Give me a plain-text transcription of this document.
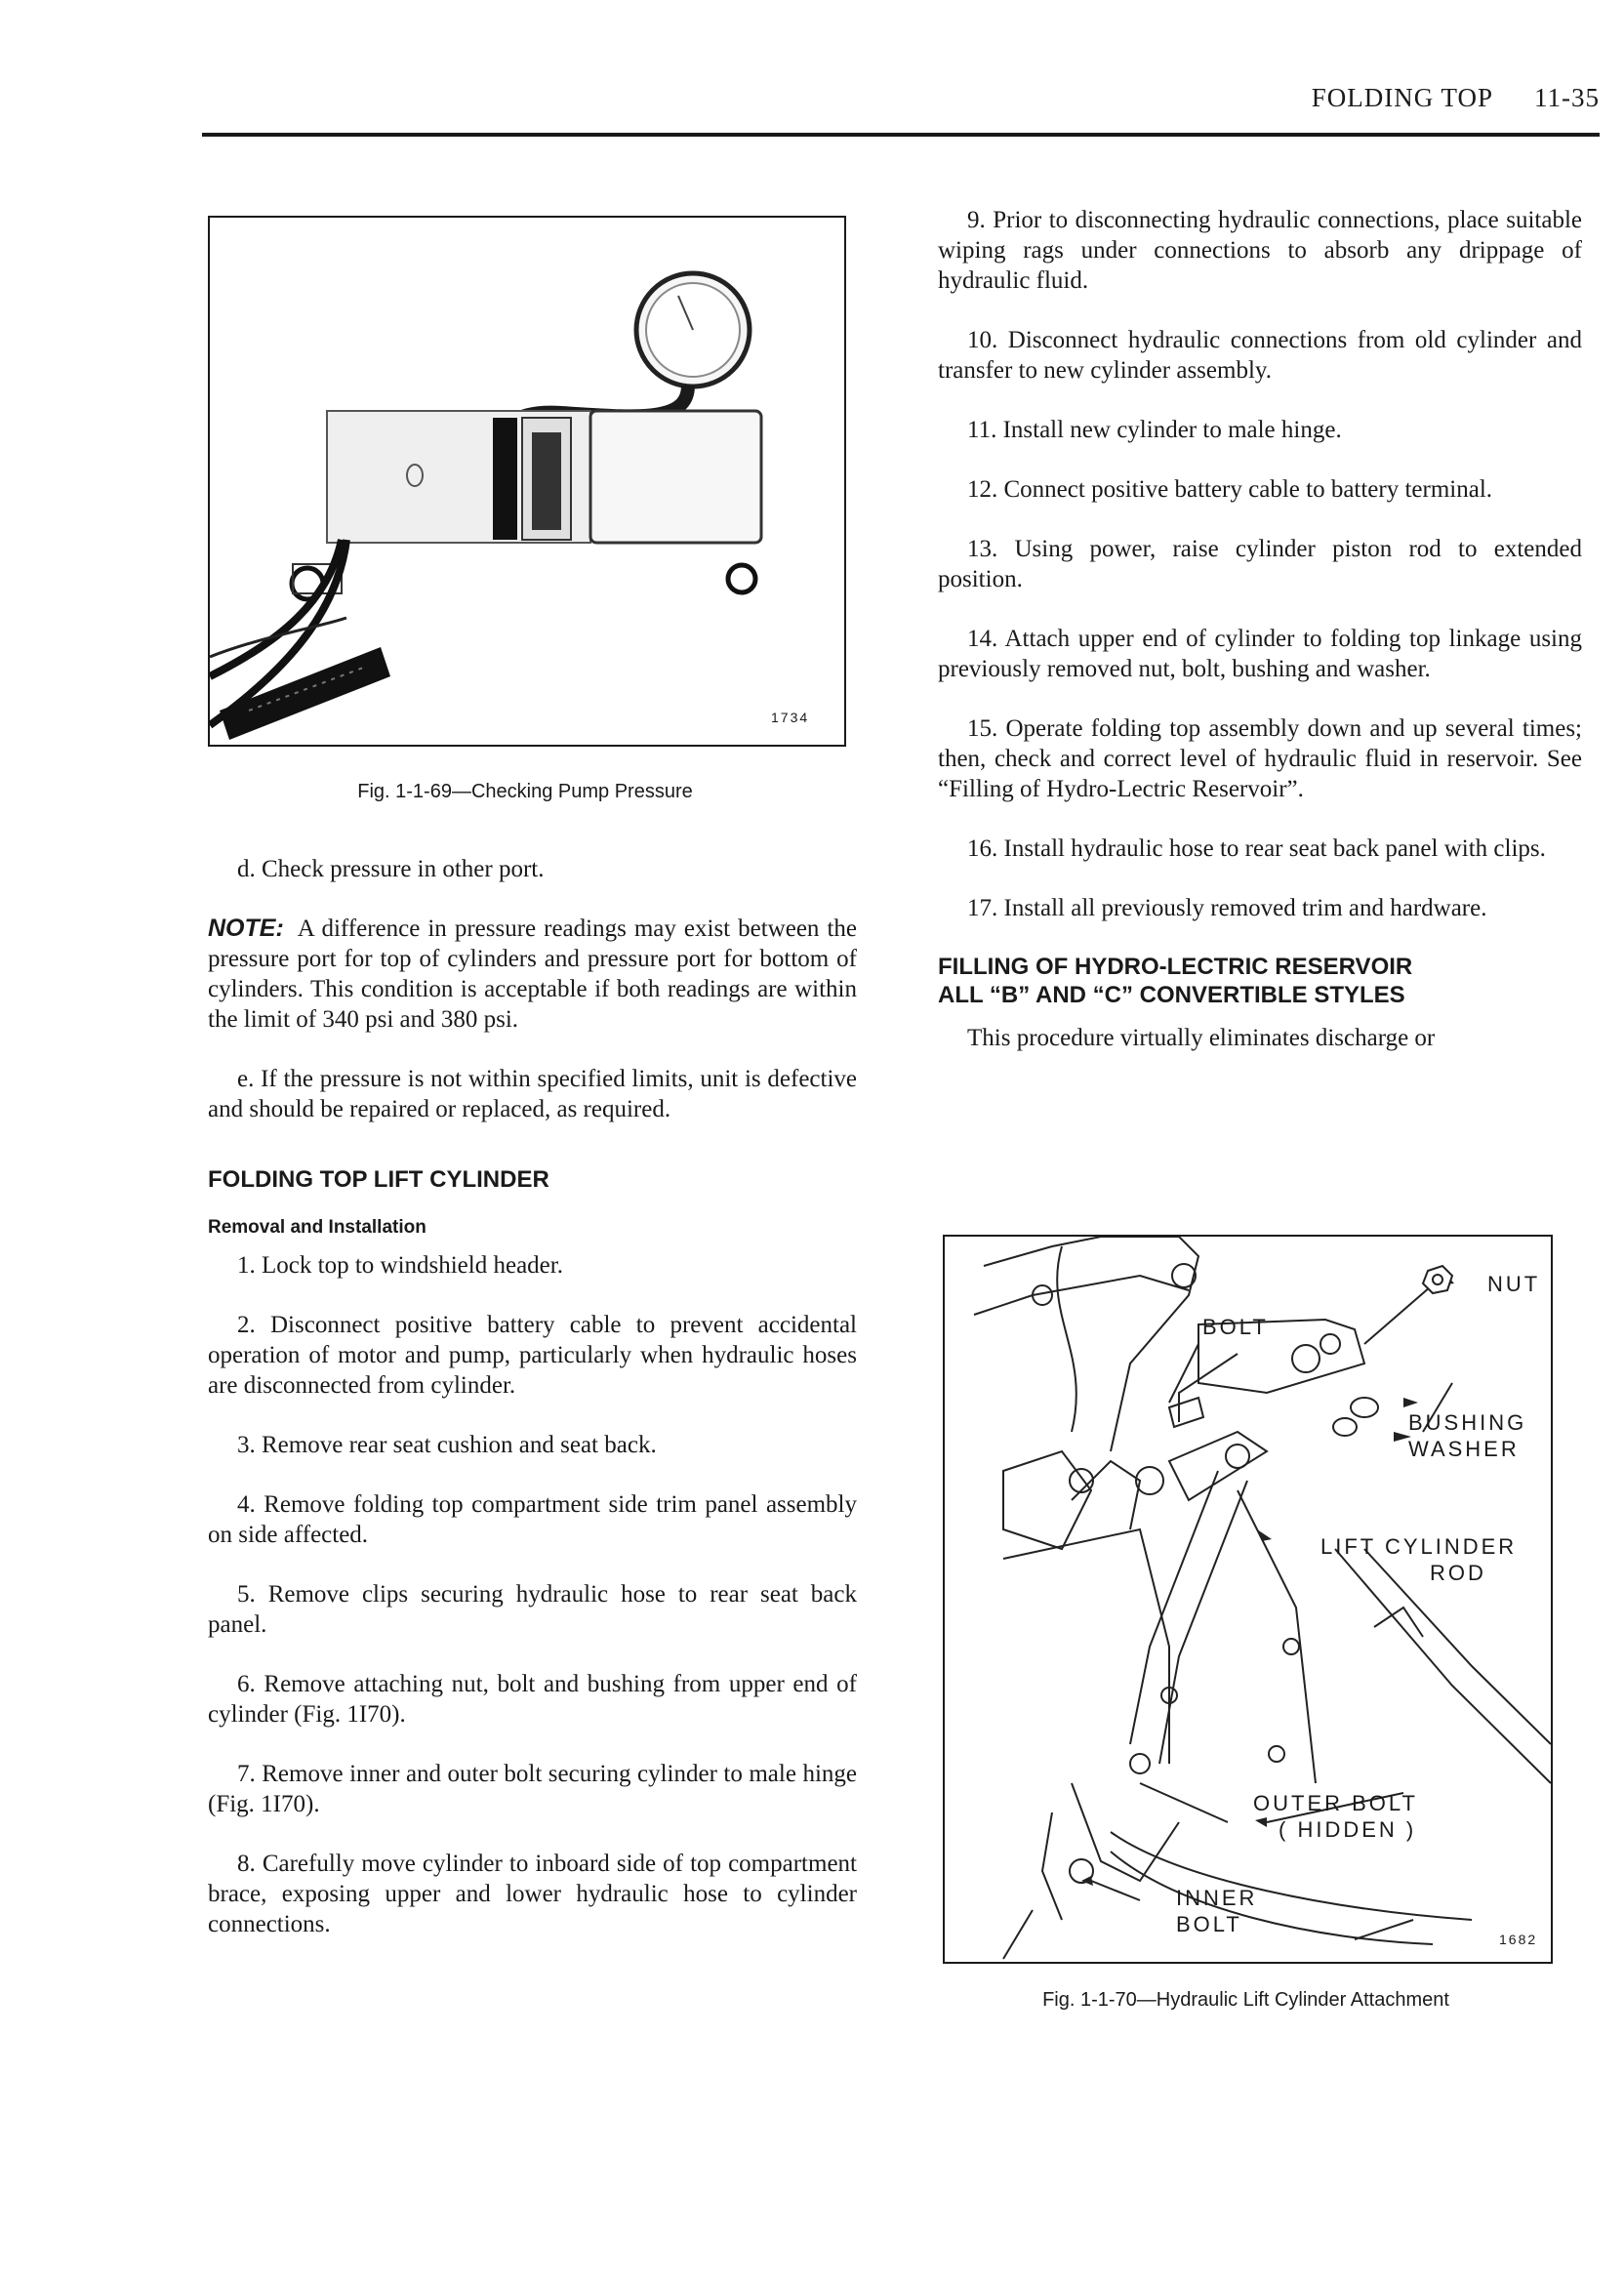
FOLDING TOP 11-35
1734
Fig. 1-1-69—Checking Pump Pressure

d. Check pressure in other port.

NOTE: A difference in pressure readings may exist between the pressure port for top of cylinders and pressure port for bottom of cylinders. This condition is acceptable if both readings are within the limit of 340 psi and 380 psi.

e. If the pressure is not within specified limits, unit is defective and should be repaired or replaced, as required.

FOLDING TOP LIFT CYLINDER

Removal and Installation

1. Lock top to windshield header.

2. Disconnect positive battery cable to prevent accidental operation of motor and pump, particularly when hydraulic hoses are disconnected from cylinder.

3. Remove rear seat cushion and seat back.

4. Remove folding top compartment side trim panel assembly on side affected.

5. Remove clips securing hydraulic hose to rear seat back panel.

6. Remove attaching nut, bolt and bushing from upper end of cylinder (Fig. 1I70).

7. Remove inner and outer bolt securing cylinder to male hinge (Fig. 1I70).

8. Carefully move cylinder to inboard side of top compartment brace, exposing upper and lower hydraulic hose to cylinder connections.

9. Prior to disconnecting hydraulic connections, place suitable wiping rags under connections to absorb any drippage of hydraulic fluid.

10. Disconnect hydraulic connections from old cylinder and transfer to new cylinder assembly.

11. Install new cylinder to male hinge.

12. Connect positive battery cable to battery terminal.

13. Using power, raise cylinder piston rod to extended position.

14. Attach upper end of cylinder to folding top linkage using previously removed nut, bolt, bushing and washer.

15. Operate folding top assembly down and up several times; then, check and correct level of hydraulic fluid in reservoir. See “Filling of Hydro-Lectric Reservoir”.

16. Install hydraulic hose to rear seat back panel with clips.

17. Install all previously removed trim and hardware.

FILLING OF HYDRO-LECTRIC RESERVOIR

ALL “B” AND “C” CONVERTIBLE STYLES

This procedure virtually eliminates discharge or

NUT
BOLT
BUSHING
WASHER
LIFT CYLINDER
ROD
OUTER BOLT
( HIDDEN )
INNER
BOLT
1682
Fig. 1-1-70—Hydraulic Lift Cylinder Attachment
